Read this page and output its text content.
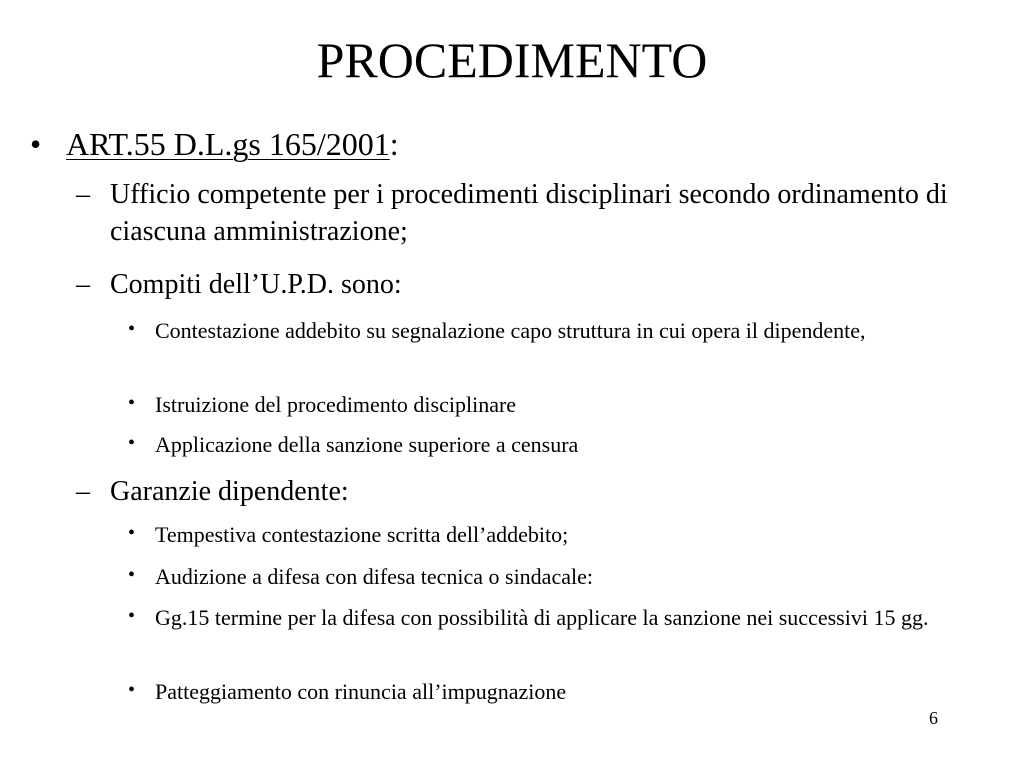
PROCEDIMENTO
• ART.55 D.L.gs 165/2001:
– Ufficio competente per i procedimenti disciplinari secondo ordinamento di ciascuna amministrazione;
– Compiti dell’U.P.D. sono:
• Contestazione addebito su segnalazione capo struttura in cui opera il dipendente,
• Istruizione del procedimento disciplinare
• Applicazione della sanzione superiore a censura
– Garanzie dipendente:
• Tempestiva contestazione scritta dell’addebito;
• Audizione a difesa con difesa tecnica o sindacale:
• Gg.15 termine per la difesa con possibilità di applicare la sanzione nei successivi 15 gg.
• Patteggiamento con rinuncia all’impugnazione
6
